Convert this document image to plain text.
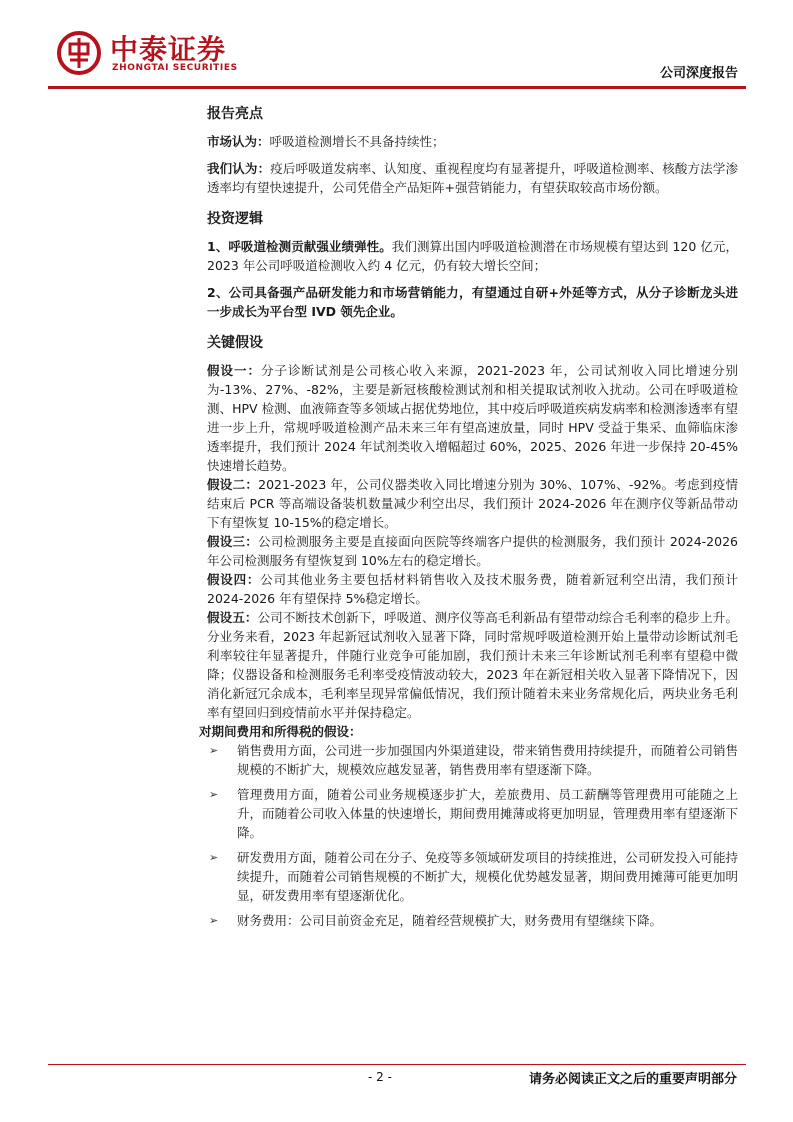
中泰证券
ZHONGTAI SECURITIES	公司深度报告
报告亮点
市场认为：呼吸道检测增长不具备持续性；
我们认为：疫后呼吸道发病率、认知度、重视程度均有显著提升，呼吸道检测率、核酸方法学渗透率均有望快速提升，公司凭借全产品矩阵+强营销能力，有望获取较高市场份额。
投资逻辑
1、呼吸道检测贡献强业绩弹性。我们测算出国内呼吸道检测潜在市场规模有望达到 120 亿元，2023 年公司呼吸道检测收入约 4 亿元，仍有较大增长空间；
2、公司具备强产品研发能力和市场营销能力，有望通过自研+外延等方式，从分子诊断龙头进一步成长为平台型 IVD 领先企业。
关键假设
假设一：分子诊断试剂是公司核心收入来源，2021-2023 年，公司试剂收入同比增速分别为-13%、27%、-82%，主要是新冠核酸检测试剂和相关提取试剂收入扰动。公司在呼吸道检测、HPV 检测、血液筛查等多领域占据优势地位，其中疫后呼吸道疾病发病率和检测渗透率有望进一步上升，常规呼吸道检测产品未来三年有望高速放量，同时 HPV 受益于集采、血筛临床渗透率提升，我们预计 2024 年试剂类收入增幅超过 60%，2025、2026 年进一步保持 20-45%快速增长趋势。
假设二：2021-2023 年，公司仪器类收入同比增速分别为 30%、107%、-92%。考虑到疫情结束后 PCR 等高端设备装机数量减少利空出尽，我们预计 2024-2026 年在测序仪等新品带动下有望恢复 10-15%的稳定增长。
假设三：公司检测服务主要是直接面向医院等终端客户提供的检测服务，我们预计 2024-2026 年公司检测服务有望恢复到 10%左右的稳定增长。
假设四：公司其他业务主要包括材料销售收入及技术服务费，随着新冠利空出清，我们预计 2024-2026 年有望保持 5%稳定增长。
假设五：公司不断技术创新下，呼吸道、测序仪等高毛利新品有望带动综合毛利率的稳步上升。分业务来看，2023 年起新冠试剂收入显著下降，同时常规呼吸道检测开始上量带动诊断试剂毛利率较往年显著提升，伴随行业竞争可能加剧，我们预计未来三年诊断试剂毛利率有望稳中微降；仪器设备和检测服务毛利率受疫情波动较大，2023 年在新冠相关收入显著下降情况下，因消化新冠冗余成本，毛利率呈现异常偏低情况，我们预计随着未来业务常规化后，两块业务毛利率有望回归到疫情前水平并保持稳定。
对期间费用和所得税的假设：
➢ 销售费用方面，公司进一步加强国内外渠道建设，带来销售费用持续提升，而随着公司销售规模的不断扩大，规模效应越发显著，销售费用率有望逐渐下降。
➢ 管理费用方面，随着公司业务规模逐步扩大，差旅费用、员工薪酬等管理费用可能随之上升，而随着公司收入体量的快速增长，期间费用摊薄或将更加明显，管理费用率有望逐渐下降。
➢ 研发费用方面，随着公司在分子、免疫等多领域研发项目的持续推进，公司研发投入可能持续提升，而随着公司销售规模的不断扩大，规模化优势越发显著，期间费用摊薄可能更加明显，研发费用率有望逐渐优化。
➢ 财务费用：公司目前资金充足，随着经营规模扩大，财务费用有望继续下降。
- 2 -	请务必阅读正文之后的重要声明部分
